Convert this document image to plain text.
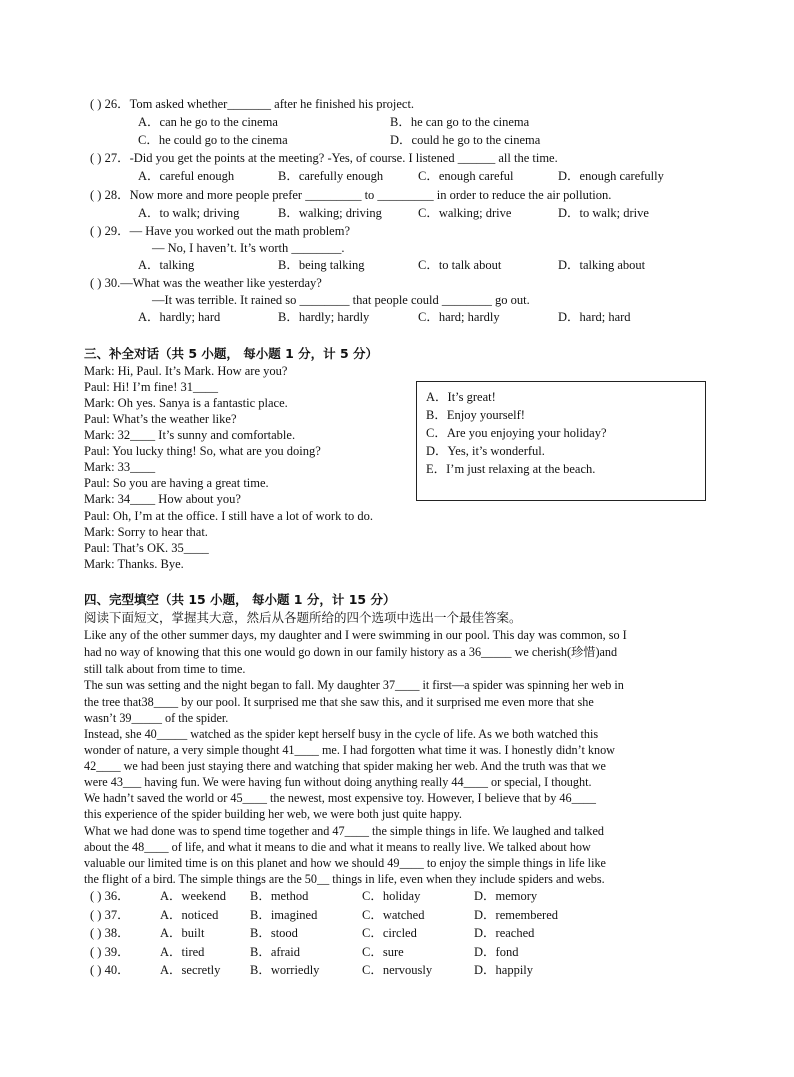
( ) 26．Tom asked whether_______ after he finished his project.
A．can he go to the cinema	B．he can go to the cinema
C．he could go to the cinema	D．could he go to the cinema
( ) 27．-Did you get the points at the meeting? -Yes, of course. I listened ______ all the time.
A．careful enough	B．carefully enough	C．enough careful	D．enough carefully
( ) 28．Now more and more people prefer _________ to _________ in order to reduce the air pollution.
A．to walk; driving	B．walking; driving	C．walking; drive	D．to walk; drive
( ) 29．— Have you worked out the math problem?
— No, I haven’t. It’s worth ________.
A．talking	B．being talking	C．to talk about	D．talking about
( ) 30.—What was the weather like yesterday?
—It was terrible. It rained so ________ that people could ________ go out.
A．hardly; hard	B．hardly; hardly	C．hard; hardly	D．hard; hard
三、补全对话（共 5 小题， 每小题 1 分，计 5 分）
Mark: Hi, Paul. It’s Mark. How are you?
Paul: Hi! I’m fine! 31____
Mark: Oh yes. Sanya is a fantastic place.
Paul: What’s the weather like?
Mark: 32____ It’s sunny and comfortable.
Paul: You lucky thing! So, what are you doing?
Mark: 33____
Paul: So you are having a great time.
Mark: 34____ How about you?
Paul: Oh, I’m at the office. I still have a lot of work to do.
Mark: Sorry to hear that.
Paul: That’s OK. 35____
Mark: Thanks. Bye.
A．It’s great!
B．Enjoy yourself!
C．Are you enjoying your holiday?
D．Yes, it’s wonderful.
E．I’m just relaxing at the beach.
四、完型填空（共 15 小题， 每小题 1 分，计 15 分）
阅读下面短文，掌握其大意，然后从各题所给的四个选项中选出一个最佳答案。
Like any of the other summer days, my daughter and I were swimming in our pool. This day was common, so I
had no way of knowing that this one would go down in our family history as a 36_____ we cherish(珍惜)and
still talk about from time to time.
The sun was setting and the night began to fall. My daughter 37____ it first—a spider was spinning her web in
the tree that38____ by our pool. It surprised me that she saw this, and it surprised me even more that she
wasn’t 39_____ of the spider.
Instead, she 40_____ watched as the spider kept herself busy in the cycle of life. As we both watched this
wonder of nature, a very simple thought 41____ me. I had forgotten what time it was. I honestly didn’t know
42____ we had been just staying there and watching that spider making her web. And the truth was that we
were 43___ having fun. We were having fun without doing anything really 44____ or special, I thought.
We hadn’t saved the world or 45____ the newest, most expensive toy. However, I believe that by 46____
this experience of the spider building her web, we were both just quite happy.
What we had done was to spend time together and 47____ the simple things in life. We laughed and talked
about the 48____ of life, and what it means to die and what it means to really live. We talked about how
valuable our limited time is on this planet and how we should 49____ to enjoy the simple things in life like
the flight of a bird. The simple things are the 50__ things in life, even when they include spiders and webs.
( ) 36． A．weekend B．method	C．holiday	D．memory
( ) 37． A．noticed	B．imagined	C．watched	D．remembered
( ) 38． A．built	B．stood	C．circled	D．reached
( ) 39． A．tired	B．afraid	C．sure	D．fond
( ) 40． A．secretly B．worriedly	C．nervously	D．happily
